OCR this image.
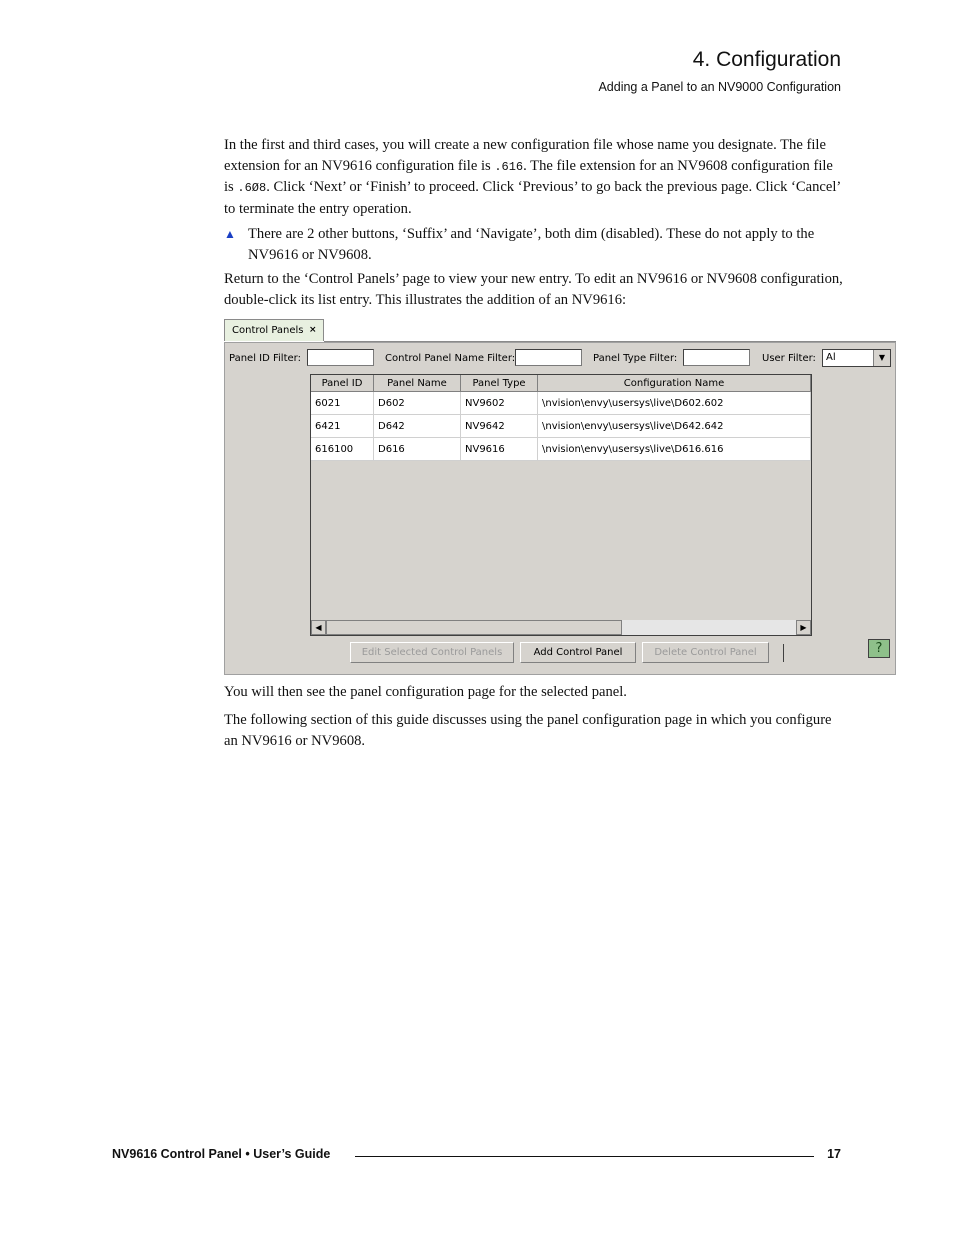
4. Configuration
Adding a Panel to an NV9000 Configuration
In the first and third cases, you will create a new configuration file whose name you designate. The file extension for an NV9616 configuration file is .616. The file extension for an NV9608 configuration file is .6Ø8. Click ‘Next’ or ‘Finish’ to proceed. Click ‘Previous’ to go back the previous page. Click ‘Cancel’ to terminate the entry operation.
▲ There are 2 other buttons, ‘Suffix’ and ‘Navigate’, both dim (disabled). These do not apply to the NV9616 or NV9608.
Return to the ‘Control Panels’ page to view your new entry. To edit an NV9616 or NV9608 configuration, double-click its list entry. This illustrates the addition of an NV9616:
Control Panels ×
Panel ID Filter:	Control Panel Name Filter:	Panel Type Filter:	User Filter:	Al	▼
Panel ID	Panel Name	Panel Type	Configuration Name
6021	D602	NV9602	\nvision\envy\usersys\live\D602.602
6421	D642	NV9642	\nvision\envy\usersys\live\D642.642
616100	D616	NV9616	\nvision\envy\usersys\live\D616.616
◀	▶
Edit Selected Control Panels	Add Control Panel	Delete Control Panel	?
You will then see the panel configuration page for the selected panel.
The following section of this guide discusses using the panel configuration page in which you configure an NV9616 or NV9608.
NV9616 Control Panel • User’s Guide	17
